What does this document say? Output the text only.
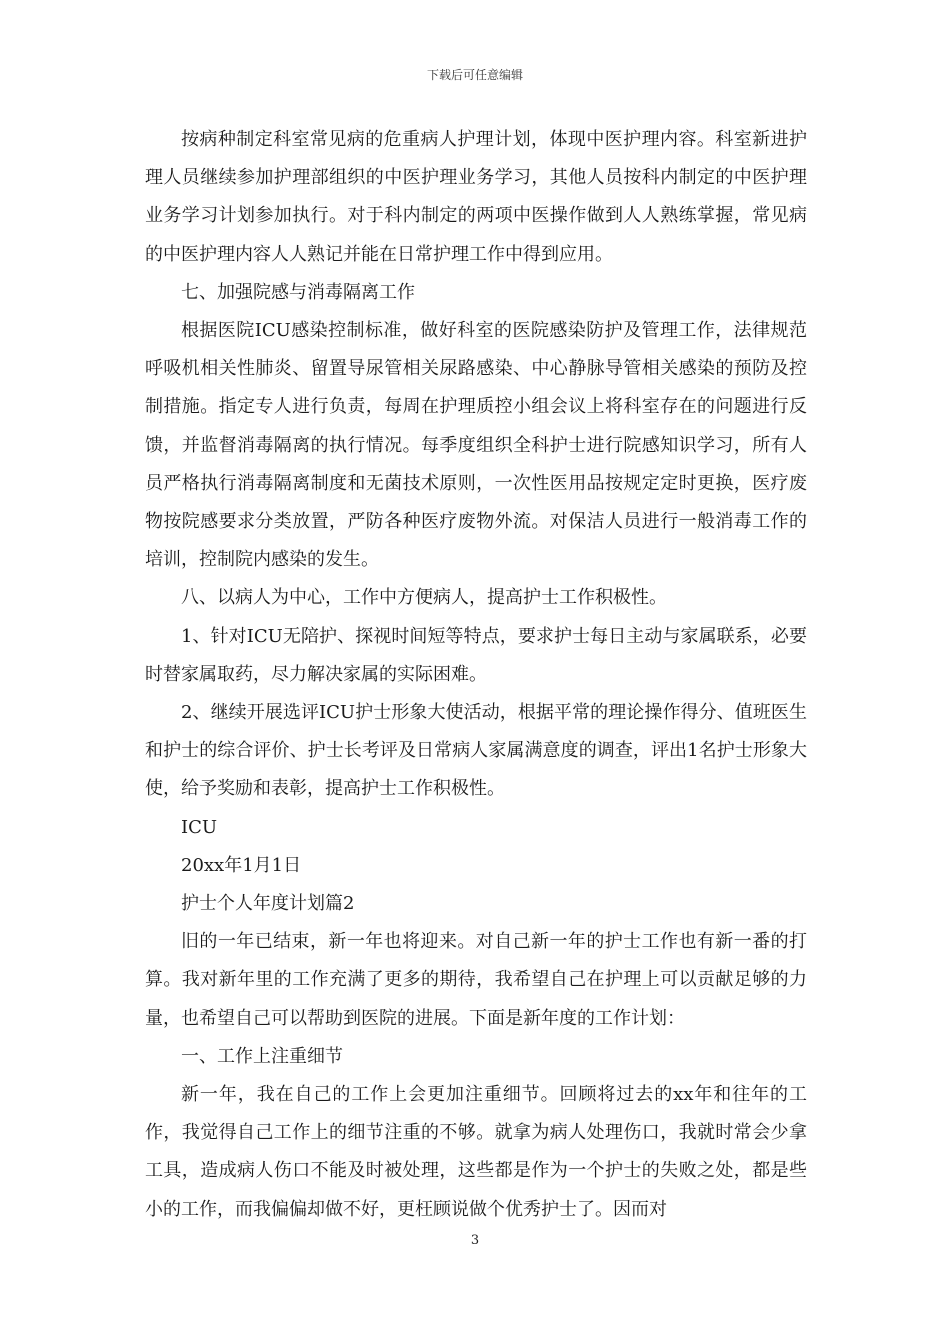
下载后可任意编辑

按病种制定科室常见病的危重病人护理计划，体现中医护理内容。科室新进护理人员继续参加护理部组织的中医护理业务学习，其他人员按科内制定的中医护理业务学习计划参加执行。对于科内制定的两项中医操作做到人人熟练掌握，常见病的中医护理内容人人熟记并能在日常护理工作中得到应用。

七、加强院感与消毒隔离工作

根据医院ICU感染控制标准，做好科室的医院感染防护及管理工作，法律规范呼吸机相关性肺炎、留置导尿管相关尿路感染、中心静脉导管相关感染的预防及控制措施。指定专人进行负责，每周在护理质控小组会议上将科室存在的问题进行反馈，并监督消毒隔离的执行情况。每季度组织全科护士进行院感知识学习，所有人员严格执行消毒隔离制度和无菌技术原则，一次性医用品按规定定时更换，医疗废物按院感要求分类放置，严防各种医疗废物外流。对保洁人员进行一般消毒工作的培训，控制院内感染的发生。

八、以病人为中心，工作中方便病人，提高护士工作积极性。

1、针对ICU无陪护、探视时间短等特点，要求护士每日主动与家属联系，必要时替家属取药，尽力解决家属的实际困难。

2、继续开展选评ICU护士形象大使活动，根据平常的理论操作得分、值班医生和护士的综合评价、护士长考评及日常病人家属满意度的调查，评出1名护士形象大使，给予奖励和表彰，提高护士工作积极性。

ICU

20xx年1月1日

护士个人年度计划篇2

旧的一年已结束，新一年也将迎来。对自己新一年的护士工作也有新一番的打算。我对新年里的工作充满了更多的期待，我希望自己在护理上可以贡献足够的力量，也希望自己可以帮助到医院的进展。下面是新年度的工作计划：

一、工作上注重细节

新一年，我在自己的工作上会更加注重细节。回顾将过去的xx年和往年的工作，我觉得自己工作上的细节注重的不够。就拿为病人处理伤口，我就时常会少拿工具，造成病人伤口不能及时被处理，这些都是作为一个护士的失败之处，都是些小的工作，而我偏偏却做不好，更枉顾说做个优秀护士了。因而对

3
